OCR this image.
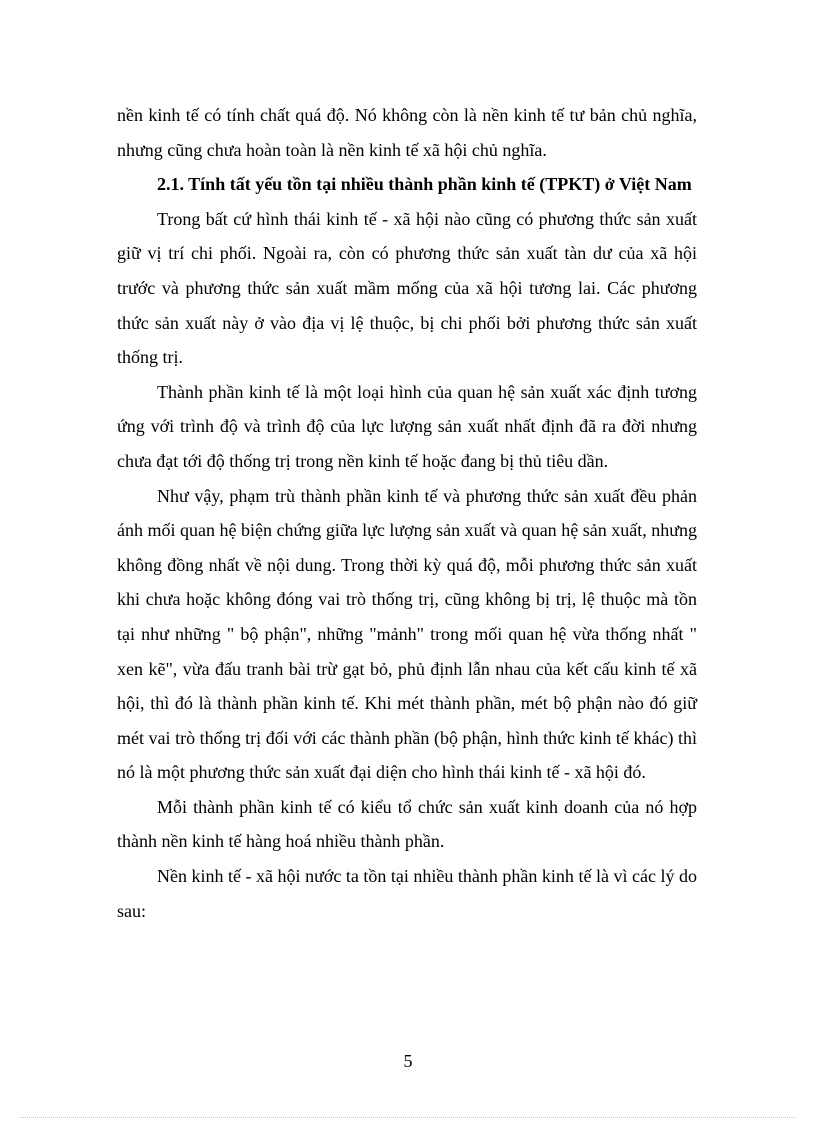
nền kinh tế có tính chất quá độ. Nó không còn là nền kinh tế tư bản chủ nghĩa, nhưng cũng chưa hoàn toàn là nền kinh tế xã hội chủ nghĩa.

2.1. Tính tất yếu tồn tại nhiều thành phần kinh tế (TPKT) ở Việt Nam

Trong bất cứ hình thái kinh tế - xã hội nào cũng có phương thức sản xuất giữ vị trí chi phối. Ngoài ra, còn có phương thức sản xuất tàn dư của xã hội trước và phương thức sản xuất mầm mống của xã hội tương lai. Các phương thức sản xuất này ở vào địa vị lệ thuộc, bị chi phối bởi phương thức sản xuất thống trị.

Thành phần kinh tế là một loại hình của quan hệ sản xuất xác định tương ứng với trình độ và trình độ của lực lượng sản xuất nhất định đã ra đời nhưng chưa đạt tới độ thống trị trong nền kinh tế hoặc đang bị thủ tiêu dần.

Như vậy, phạm trù thành phần kinh tế và phương thức sản xuất đều phản ánh mối quan hệ biện chứng giữa lực lượng sản xuất và quan hệ sản xuất, nhưng không đồng nhất về nội dung. Trong thời kỳ quá độ, mỗi phương thức sản xuất khi chưa hoặc không đóng vai trò thống trị, cũng không bị trị, lệ thuộc mà tồn tại như những " bộ phận", những "mảnh" trong mối quan hệ vừa thống nhất " xen kẽ", vừa đấu tranh bài trừ gạt bỏ, phủ định lẫn nhau của kết cấu kinh tế xã hội, thì đó là thành phần kinh tế. Khi mét thành phần, mét bộ phận nào đó giữ mét vai trò thống trị đối với các thành phần (bộ phận, hình thức kinh tế khác) thì nó là một phương thức sản xuất đại diện cho hình thái kinh tế - xã hội đó.

Mỗi thành phần kinh tế có kiểu tổ chức sản xuất kinh doanh của nó hợp thành nền kinh tế hàng hoá nhiều thành phần.

Nền kinh tế - xã hội nước ta tồn tại nhiều thành phần kinh tế là vì các lý do sau:

5
